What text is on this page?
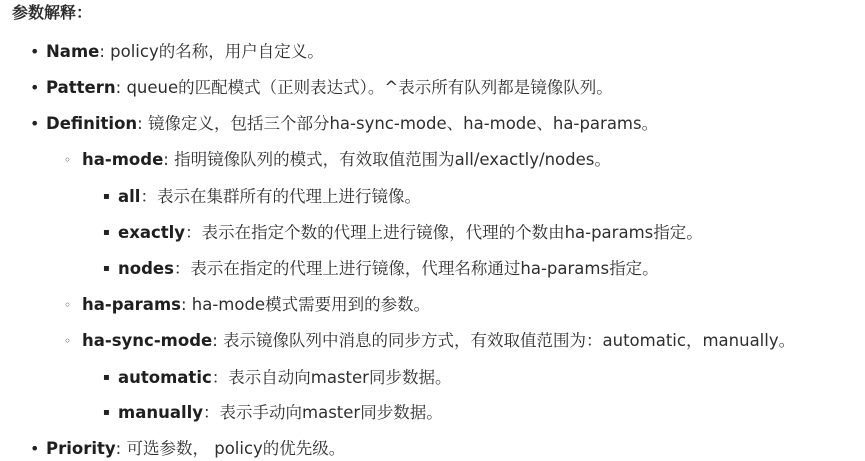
参数解释：
• Name: policy的名称，用户自定义。
• Pattern: queue的匹配模式（正则表达式）。^表示所有队列都是镜像队列。
• Definition: 镜像定义，包括三个部分ha-sync-mode、ha-mode、ha-params。
◦ ha-mode: 指明镜像队列的模式，有效取值范围为all/exactly/nodes。
▪ all：表示在集群所有的代理上进行镜像。
▪ exactly：表示在指定个数的代理上进行镜像，代理的个数由ha-params指定。
▪ nodes：表示在指定的代理上进行镜像，代理名称通过ha-params指定。
◦ ha-params: ha-mode模式需要用到的参数。
◦ ha-sync-mode: 表示镜像队列中消息的同步方式，有效取值范围为：automatic，manually。
▪ automatic：表示自动向master同步数据。
▪ manually：表示手动向master同步数据。
• Priority: 可选参数， policy的优先级。
